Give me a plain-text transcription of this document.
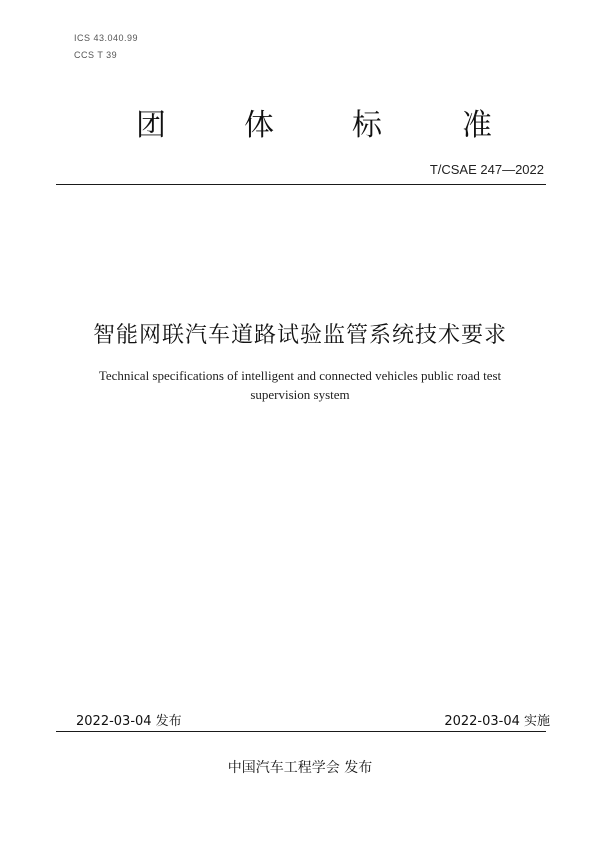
ICS 43.040.99
CCS T 39
团	体	标	准
T/CSAE 247—2022
智能网联汽车道路试验监管系统技术要求
Technical specifications of intelligent and connected vehicles public road test
supervision system
2022-03-04 发布	2022-03-04 实施
中国汽车工程学会 发布
